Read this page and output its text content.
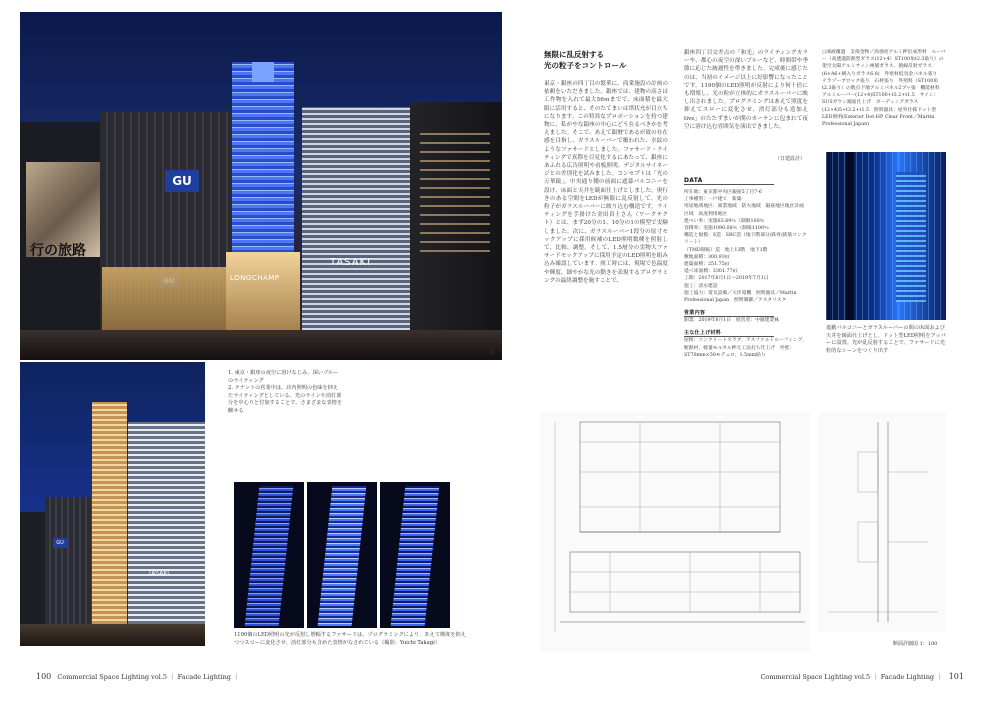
行の旅路
GU
LONGCHAMP
TASAKI
1
1. 東京・銀座の夜空に溶けなじみ、深いブルーのライティング
2. テナントの営業中は、店内照明の色味を抑えたライティングとしている。光のラインや消灯部分を中心りと付加することで、さまざまな表情を醸せる
GU
TASAKI
1190個のLED照明の光が反射し増幅するファサードは、プログラミングにより、あえて輝度を抑えつつスローに変化させ、消灯部分も含めた表情がなされている（撮影：Yuichi Takagi）
100 Commercial Space Lighting vol.5 ｜ Facade Lighting ｜
無限に乱反射する
光の粒子をコントロール
東京・銀座の四丁目の繁華に、商業施設の計画の依頼をいただきました。銀座では、建物の高さは工作物を入れて最大56ｍまでで、床面積を最大限に活用すると、そのたてまいは塔状允が目立ちになります。この特異なプロポーションを持つ建物に、私がやな銀座の中心にどう在るべきかを考えました。そこで、あえて銀暦であるが故の存在感を目指し、ガラスルーバーで覆われた、水紋のようなファサードとしました。ファサード・ライティングで真際を目見化するにあたって、銀座にあふれる広告照明や看板照明、デジタルサイネージとの差別化を試みました。コンセプトは「光の万華鏡」。中央通り側の前面に遮幕バルコニーを設け、床面と天井を鏡面仕上げとしました。奥行きのある空間をLEDが無限に乱反射して、光の粒子がガラスルーバーに映り込む構造です。ライティングを手掛けた金田真士さん（ワークテクト）とは、まず20分の1、10分の1の模型で実験しました。次に、ガラスルーバー1段分の原寸モックアップに採用候補のLED照明数種を照射して、比較、調整。そして、1.5層分の実物大ファサードモックアップに採用予定のLED照明を組み込み確認しています。竣工時には、現場で色温度や輝度、細やかな光の動きを表現するプログラミングの最終調整を施すことで、
銀座四丁目交差点の「和光」のライティングカラーや、都心の夜空の深いブルーなど、時間帯や季節に応じた統週性を準きました。完成後に感じたのは、当初のイメージ以上に好影響になったことです。1190個のLED照明が反射により何十倍にも増殖し、光の粒が立体的にガラスルーバーに映し出されました。プログラミングはあえて照度を抑えてスローに変化させ、消灯部分も造加えtive」のたたずまいが開のカーテンに包まれて夜空に溶け込む雰囲気を演出できました。
（日建設計）
DATA
所在地：東京都中央区銀座5丁目7-6
工事種別：一戸建て　新築
用途地域地区：商業地域　防火地域　銀座地区地区計画区域　高度利用地区
建ぺい率：実施83.69％（制限100％
容積率：実施1090.08％（制限1100％
構造と規模：S造　SRC造（地下階部分/鉄骨/鉄筋コンクリート）
（TMD制振）造　地上13階　地下1階
敷地面積：300.93㎡
建築面積：251.75㎡
延べ床面積：3301.77㎡
工期：2017年8月1日～2019年7月1日
施工：清水建設
施工協力：電気設備／大洋電機　照明器具／Martin Professional Japan　照明制御／アスタリスク
営業内容
開業：2019年8月1日　経営者：中銀建業株
主な仕上げ材料
屋根：コンクリートスラブ、アスファルトルーフィング、断熱材、軽量モルタル押え工法打ち仕上げ　外壁：ST70mm×50モデュロ、1.5mm貼り
○凍液覆過　支保金物／高強度アルミ押出成形材　ルーバー（高透過防熱型ガラス(12+4）ST100角t2.3貼り）の架空太陽アルミサッシ複層ガラス、熱線反射ガラス(6+A6+網入りガラス6.8)　外壁材低気金パネル張り　テラゾーブロック張り　石材張り　外照料（ST100角t2.3貼り）の数点下地アルミパネル2プッ張　機能材料　アルミルーバー(12+4)ST100+t3.2+t1.5　サイン：SUSガウン鏡面仕上げ　カーディングガラス(12+4)5+t3.2+t1.5　照明器具：屋外仕様ドット型LED照明(Exterior Dot-HP Clear Front／Martin Professional Japan)
遮蔽バルコニーとガラスルーバーの間の床面および天井を鏡面仕上げとし、ドット型LED照明をアッパーに設置。光が乱反射することで、ファサードに光粒的なシーンをつくり出す
断面詳細図 1：100
Commercial Space Lighting vol.5 ｜ Facade Lighting ｜ 101
